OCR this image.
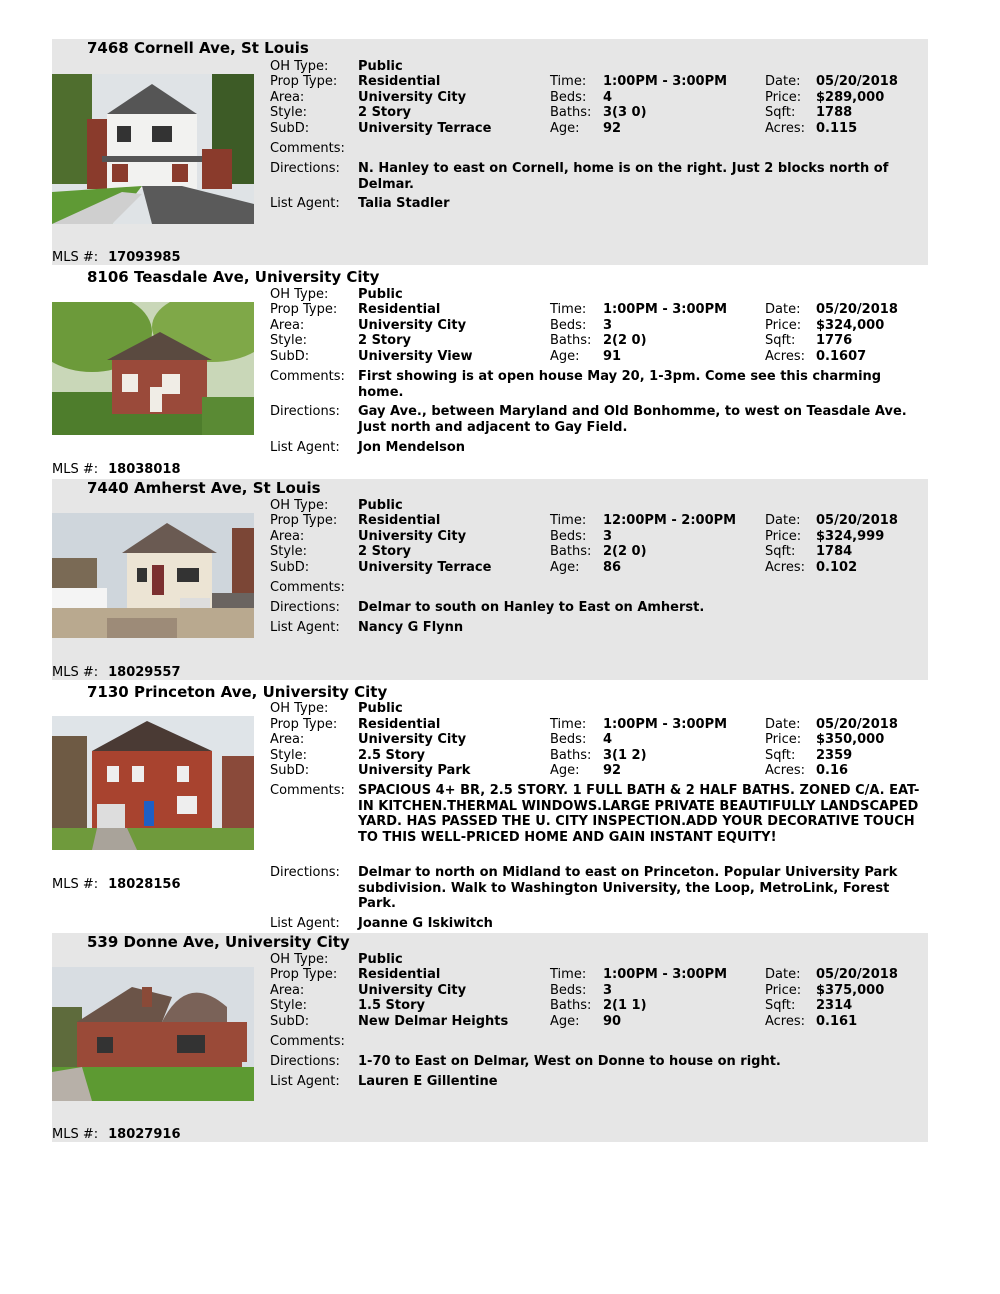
7468 Cornell Ave, St Louis
OH Type: Public
Prop Type: Residential
Area:	University City
Style:	2 Story
SubD:	University Terrace
Time: 1:00PM - 3:00PM
Beds: 4
Baths: 3(3 0)
Age: 92
Date: 05/20/2018
Price: $289,000
Sqft: 1788
Acres: 0.115
Comments:
Directions: N. Hanley to east on Cornell, home is on the right. Just 2 blocks north of Delmar.
List Agent: Talia Stadler
MLS #: 17093985
8106 Teasdale Ave, University City
OH Type: Public
Prop Type: Residential
Area:	University City
Style:	2 Story
SubD:	University View
Time: 1:00PM - 3:00PM
Beds: 3
Baths: 2(2 0)
Age: 91
Date: 05/20/2018
Price: $324,000
Sqft: 1776
Acres: 0.1607
Comments: First showing is at open house May 20, 1-3pm. Come see this charming home.
Directions: Gay Ave., between Maryland and Old Bonhomme, to west on Teasdale Ave. Just north and adjacent to Gay Field.
List Agent: Jon Mendelson
MLS #: 18038018
7440 Amherst Ave, St Louis
OH Type: Public
Prop Type: Residential
Area:	University City
Style:	2 Story
SubD:	University Terrace
Time: 12:00PM - 2:00PM
Beds: 3
Baths: 2(2 0)
Age: 86
Date: 05/20/2018
Price: $324,999
Sqft: 1784
Acres: 0.102
Comments:
Directions: Delmar to south on Hanley to East on Amherst.
List Agent: Nancy G Flynn
MLS #: 18029557
7130 Princeton Ave, University City
OH Type: Public
Prop Type: Residential
Area:	University City
Style:	2.5 Story
SubD:	University Park
Time: 1:00PM - 3:00PM
Beds: 4
Baths: 3(1 2)
Age: 92
Date: 05/20/2018
Price: $350,000
Sqft: 2359
Acres: 0.16
Comments: SPACIOUS 4+ BR, 2.5 STORY. 1 FULL BATH & 2 HALF BATHS. ZONED C/A. EAT-IN KITCHEN.THERMAL WINDOWS.LARGE PRIVATE BEAUTIFULLY LANDSCAPED YARD. HAS PASSED THE U. CITY INSPECTION.ADD YOUR DECORATIVE TOUCH TO THIS WELL-PRICED HOME AND GAIN INSTANT EQUITY!
Directions: Delmar to north on Midland to east on Princeton. Popular University Park subdivision. Walk to Washington University, the Loop, MetroLink, Forest Park.
List Agent: Joanne G Iskiwitch
MLS #: 18028156
539 Donne Ave, University City
OH Type: Public
Prop Type: Residential
Area:	University City
Style:	1.5 Story
SubD:	New Delmar Heights
Time: 1:00PM - 3:00PM
Beds: 3
Baths: 2(1 1)
Age: 90
Date: 05/20/2018
Price: $375,000
Sqft: 2314
Acres: 0.161
Comments:
Directions: 1-70 to East on Delmar, West on Donne to house on right.
List Agent: Lauren E Gillentine
MLS #: 18027916
